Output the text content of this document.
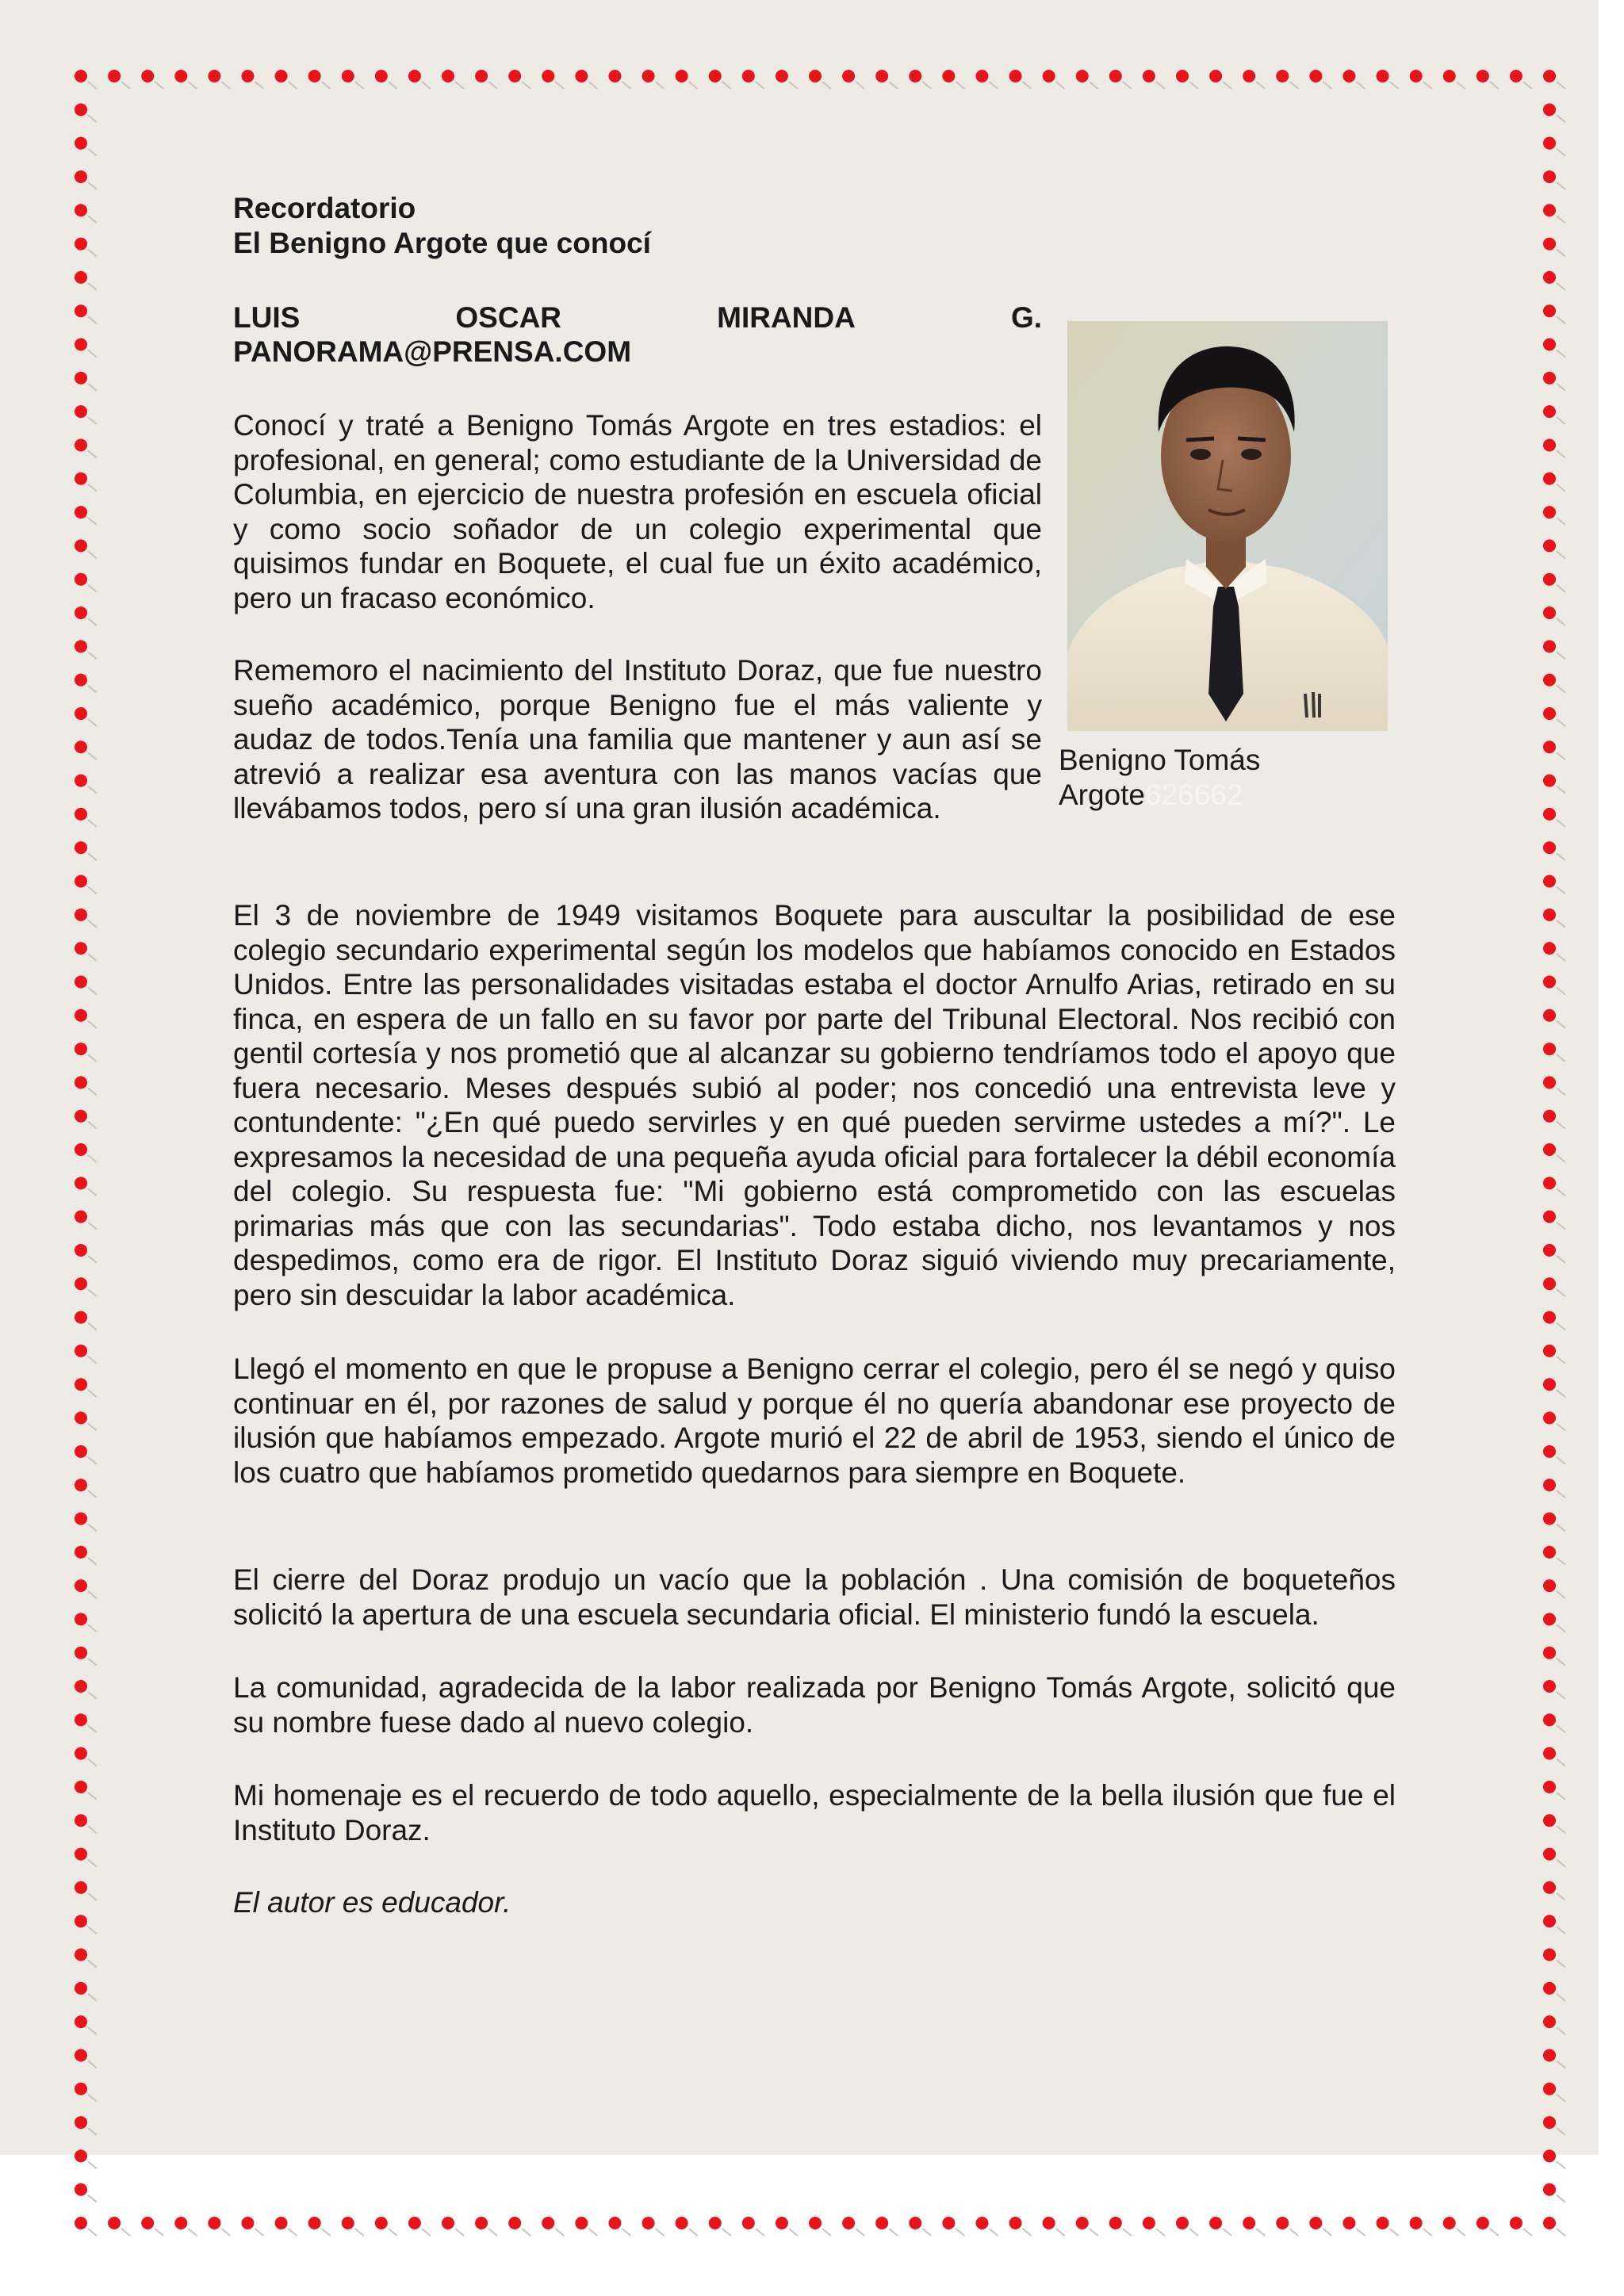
Recordatorio
El Benigno Argote que conocí
LUIS	OSCAR	MIRANDA	G.
PANORAMA@PRENSA.COM

Conocí y traté a Benigno Tomás Argote en tres estadios: el profesional, en general; como estudiante de la Universidad de Columbia, en ejercicio de nuestra profesión en escuela oficial y como socio soñador de un colegio experimental que quisimos fundar en Boquete, el cual fue un éxito académico, pero un fracaso económico.

Rememoro el nacimiento del Instituto Doraz, que fue nuestro sueño académico, porque Benigno fue el más valiente y audaz de todos.Tenía una familia que mantener y aun así se atrevió a realizar esa aventura con las manos vacías que llevábamos todos, pero sí una gran ilusión académica.

El 3 de noviembre de 1949 visitamos Boquete para auscultar la posibilidad de ese colegio secundario experimental según los modelos que habíamos conocido en Estados Unidos. Entre las personalidades visitadas estaba el doctor Arnulfo Arias, retirado en su finca, en espera de un fallo en su favor por parte del Tribunal Electoral. Nos recibió con gentil cortesía y nos prometió que al alcanzar su gobierno tendríamos todo el apoyo que fuera necesario. Meses después subió al poder; nos concedió una entrevista leve y contundente: "¿En qué puedo servirles y en qué pueden servirme ustedes a mí?". Le expresamos la necesidad de una pequeña ayuda oficial para fortalecer la débil economía del colegio. Su respuesta fue: "Mi gobierno está comprometido con las escuelas primarias más que con las secundarias". Todo estaba dicho, nos levantamos y nos despedimos, como era de rigor. El Instituto Doraz siguió viviendo muy precariamente, pero sin descuidar la labor académica.

Llegó el momento en que le propuse a Benigno cerrar el colegio, pero él se negó y quiso continuar en él, por razones de salud y porque él no quería abandonar ese proyecto de ilusión que habíamos empezado. Argote murió el 22 de abril de 1953, siendo el único de los cuatro que habíamos prometido quedarnos para siempre en Boquete.

El cierre del Doraz produjo un vacío que la población . Una comisión de boqueteños solicitó la apertura de una escuela secundaria oficial. El ministerio fundó la escuela.

La comunidad, agradecida de la labor realizada por Benigno Tomás Argote, solicitó que su nombre fuese dado al nuevo colegio.

Mi homenaje es el recuerdo de todo aquello, especialmente de la bella ilusión que fue el Instituto Doraz.

El autor es educador.

Benigno Tomás Argote626662
